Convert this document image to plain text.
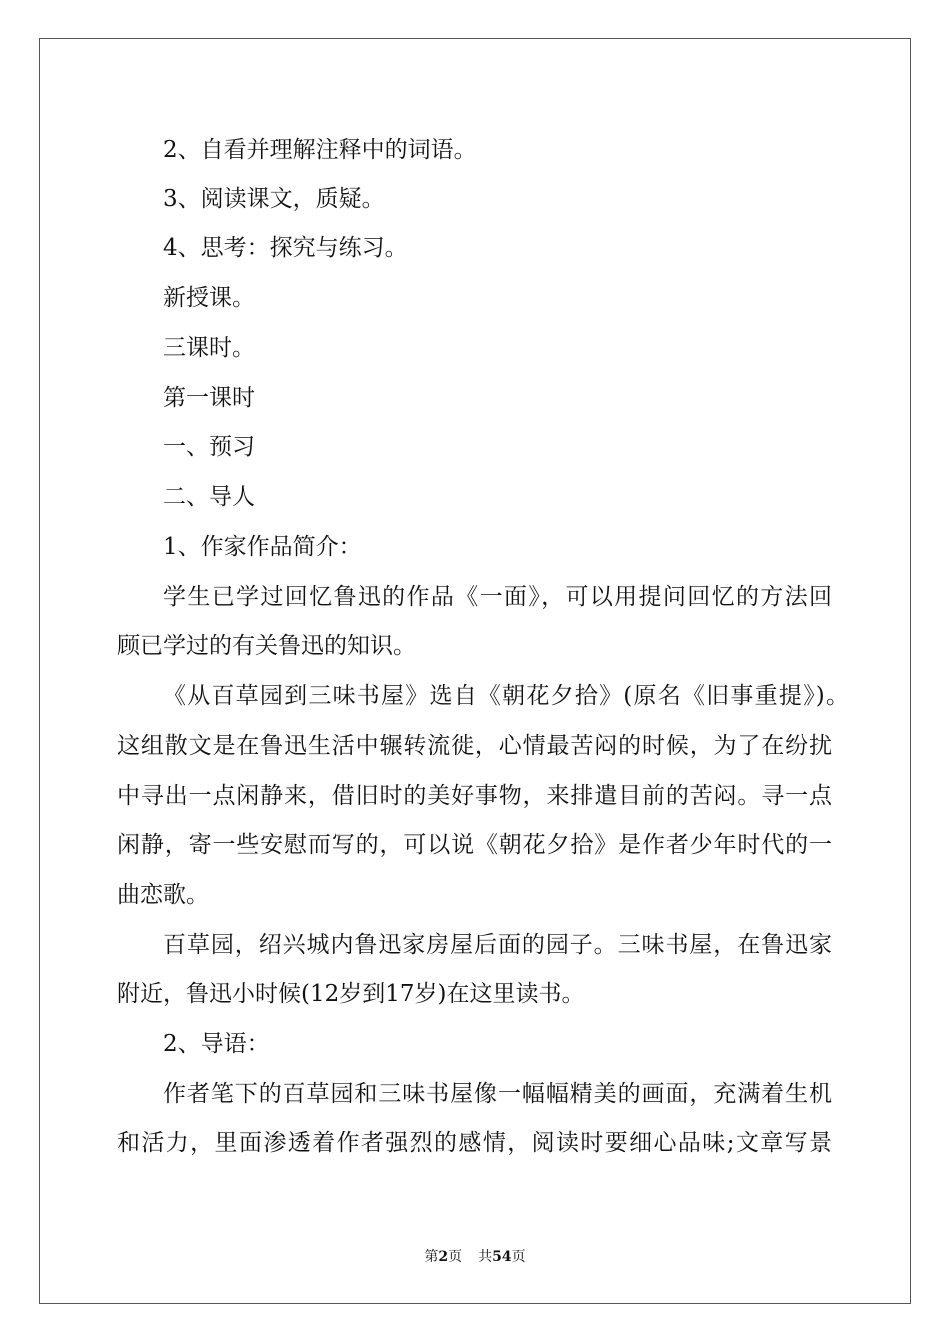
2、自看并理解注释中的词语。
3、阅读课文，质疑。
4、思考：探究与练习。
新授课。
三课时。
第一课时
一、预习
二、导人
1、作家作品简介：
学生已学过回忆鲁迅的作品《一面》，可以用提问回忆的方法回
顾已学过的有关鲁迅的知识。
《从百草园到三味书屋》选自《朝花夕拾》(原名《旧事重提》)。
这组散文是在鲁迅生活中辗转流徙，心情最苦闷的时候，为了在纷扰
中寻出一点闲静来，借旧时的美好事物，来排遣目前的苦闷。寻一点
闲静，寄一些安慰而写的，可以说《朝花夕拾》是作者少年时代的一
曲恋歌。
百草园，绍兴城内鲁迅家房屋后面的园子。三味书屋，在鲁迅家
附近，鲁迅小时候(12岁到17岁)在这里读书。
2、导语：
作者笔下的百草园和三味书屋像一幅幅精美的画面，充满着生机
和活力，里面渗透着作者强烈的感情，阅读时要细心品味;文章写景
第2页 共54页
